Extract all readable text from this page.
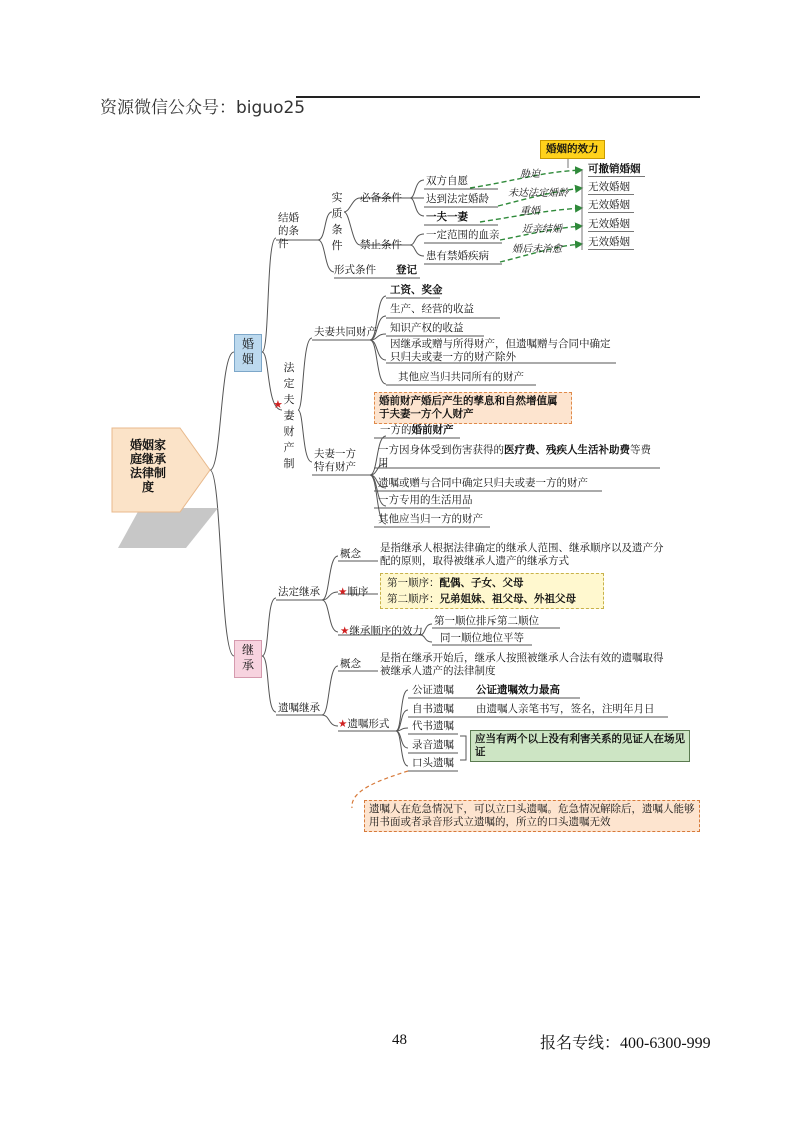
资源微信公众号：biguo25
48	报名专线：400-6300-999
婚姻家庭继承法律制度
婚姻
继承
结婚的条件
实质条件
必备条件
禁止条件
双方自愿
达到法定婚龄
一夫一妻
一定范围的血亲
患有禁婚疾病
形式条件 登记
婚姻的效力
可撤销婚姻
无效婚姻
无效婚姻
无效婚姻
无效婚姻
胁迫
未达法定婚龄
重婚
近亲结婚
婚后未治愈
法定夫妻财产制
★
夫妻共同财产
工资、奖金
生产、经营的收益
知识产权的收益
因继承或赠与所得财产，但遗嘱赠与合同中确定只归夫或妻一方的财产除外
其他应当归共同所有的财产
婚前财产婚后产生的孳息和自然增值属于夫妻一方个人财产
夫妻一方特有财产
一方的婚前财产
一方因身体受到伤害获得的医疗费、残疾人生活补助费等费用
遗嘱或赠与合同中确定只归夫或妻一方的财产
一方专用的生活用品
其他应当归一方的财产
法定继承
概念 是指继承人根据法律确定的继承人范围、继承顺序以及遗产分配的原则，取得被继承人遗产的继承方式
★顺序
第一顺序：配偶、子女、父母
第二顺序：兄弟姐妹、祖父母、外祖父母
★继承顺序的效力
第一顺位排斥第二顺位
同一顺位地位平等
遗嘱继承
概念 是指在继承开始后，继承人按照被继承人合法有效的遗嘱取得被继承人遗产的法律制度
★遗嘱形式
公证遗嘱
自书遗嘱
代书遗嘱
录音遗嘱
口头遗嘱
公证遗嘱效力最高
由遗嘱人亲笔书写，签名，注明年月日
应当有两个以上没有利害关系的见证人在场见证
遗嘱人在危急情况下，可以立口头遗嘱。危急情况解除后，遗嘱人能够用书面或者录音形式立遗嘱的，所立的口头遗嘱无效
